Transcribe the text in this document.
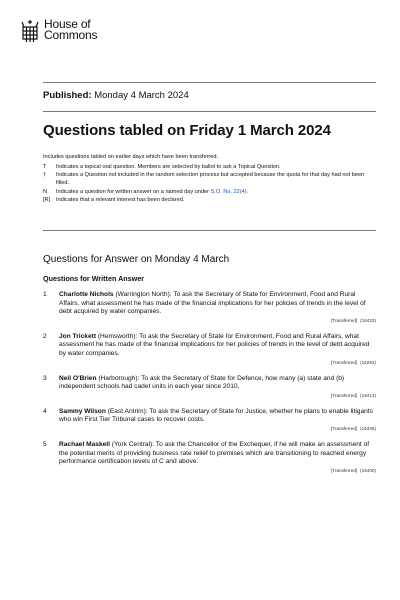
House of
Commons
Published: Monday 4 March 2024
Questions tabled on Friday 1 March 2024
Includes questions tabled on earlier days which have been transferred.
T	Indicates a topical oral question. Members are selected by ballot to ask a Topical Question.
†	Indicates a Question not included in the random selection process but accepted because the quota for that day had not been filled.
N	Indicates a question for written answer on a named day under S.O. No. 22(4).
[R]	Indicates that a relevant interest has been declared.
Questions for Answer on Monday 4 March
Questions for Written Answer
1 Charlotte Nichols (Warrington North): To ask the Secretary of State for Environment, Food and Rural Affairs, what assessment he has made of the financial implications for her policies of trends in the level of debt acquired by water companies.
[Transferred] (16423)
2 Jon Trickett (Hemsworth): To ask the Secretary of State for Environment, Food and Rural Affairs, what assessment he has made of the financial implications for her policies of trends in the level of debt acquired by water companies.
[Transferred] (16283)
3 Neil O'Brien (Harborough): To ask the Secretary of State for Defence, how many (a) state and (b) independent schools had cadet units in each year since 2010.
[Transferred] (16413)
4 Sammy Wilson (East Antrim): To ask the Secretary of State for Justice, whether he plans to enable litigants who win First Tier Tribunal cases to recover costs.
[Transferred] (16336)
5 Rachael Maskell (York Central): To ask the Chancellor of the Exchequer, if he will make an assessment of the potential merits of providing business rate relief to premises which are transitioning to reached energy performance certification levels of C and above.
[Transferred] (16400)
